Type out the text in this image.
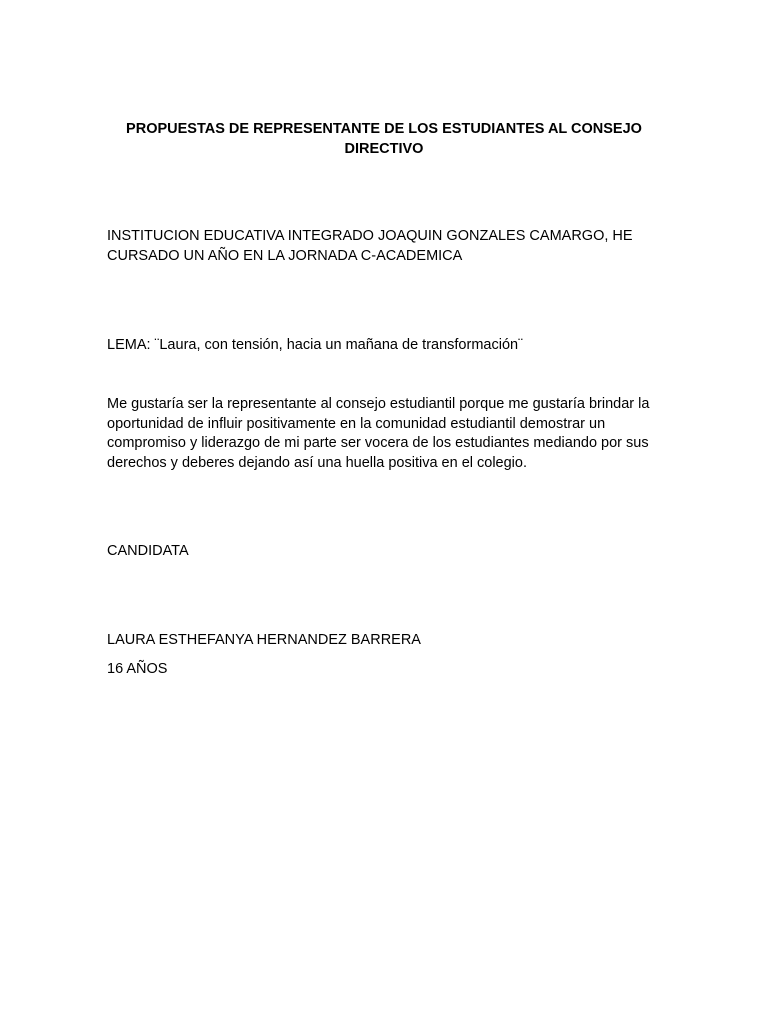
PROPUESTAS DE REPRESENTANTE DE LOS ESTUDIANTES AL CONSEJO DIRECTIVO

INSTITUCION EDUCATIVA INTEGRADO JOAQUIN GONZALES CAMARGO, HE CURSADO UN AÑO EN LA JORNADA C-ACADEMICA

LEMA: ¨Laura, con tensión, hacia un mañana de transformación¨

Me gustaría ser la representante al consejo estudiantil porque me gustaría brindar la oportunidad de influir positivamente en la comunidad estudiantil demostrar un compromiso y liderazgo de mi parte ser vocera de los estudiantes mediando por sus derechos y deberes dejando así una huella positiva en el colegio.

CANDIDATA

LAURA ESTHEFANYA HERNANDEZ BARRERA

16 AÑOS
